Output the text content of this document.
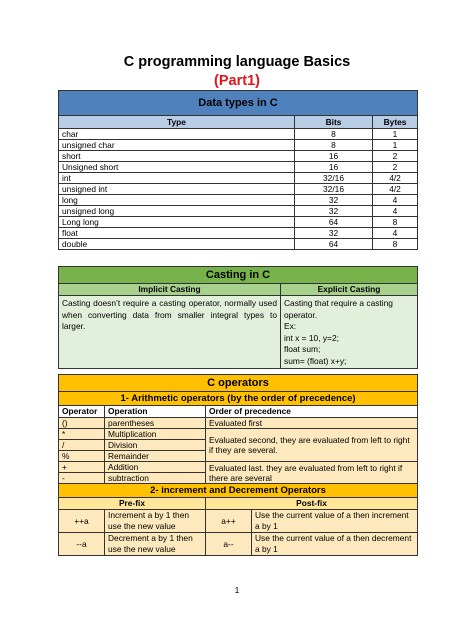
C programming language Basics
(Part1)
Data types in C		
Type	Bits	Bytes
char	8	1
unsigned char	8	1
short	16	2
Unsigned short	16	2
int	32/16	4/2
unsigned int	32/16	4/2
long	32	4
unsigned long	32	4
Long long	64	8
float	32	4
double	64	8
Casting in C	
Implicit Casting	Explicit Casting
Casting doesn’t require a casting operator, normally used when converting data from smaller integral types to larger.	Casting that require a casting operator.
Ex:
int x = 10, y=2;
float sum;
sum= (float) x+y;
C operators			
1- Arithmetic operators (by the order of precedence)			
Operator	Operation	Order of precedence	
()	parentheses	Evaluated first	
*	Multiplication	Evaluated second, they are evaluated from left to right if they are several.	
/	Division		
%	Remainder		
+	Addition	Evaluated last. they are evaluated from left to right if there are several	
-	subtraction		
2- increment and Decrement Operators			
Pre-fix		Post-fix	
++a	Increment a by 1 then use the new value	a++	Use the current value of a then increment a by 1
--a	Decrement a by 1 then use the new value	a--	Use the current value of a then decrement a by 1
1
